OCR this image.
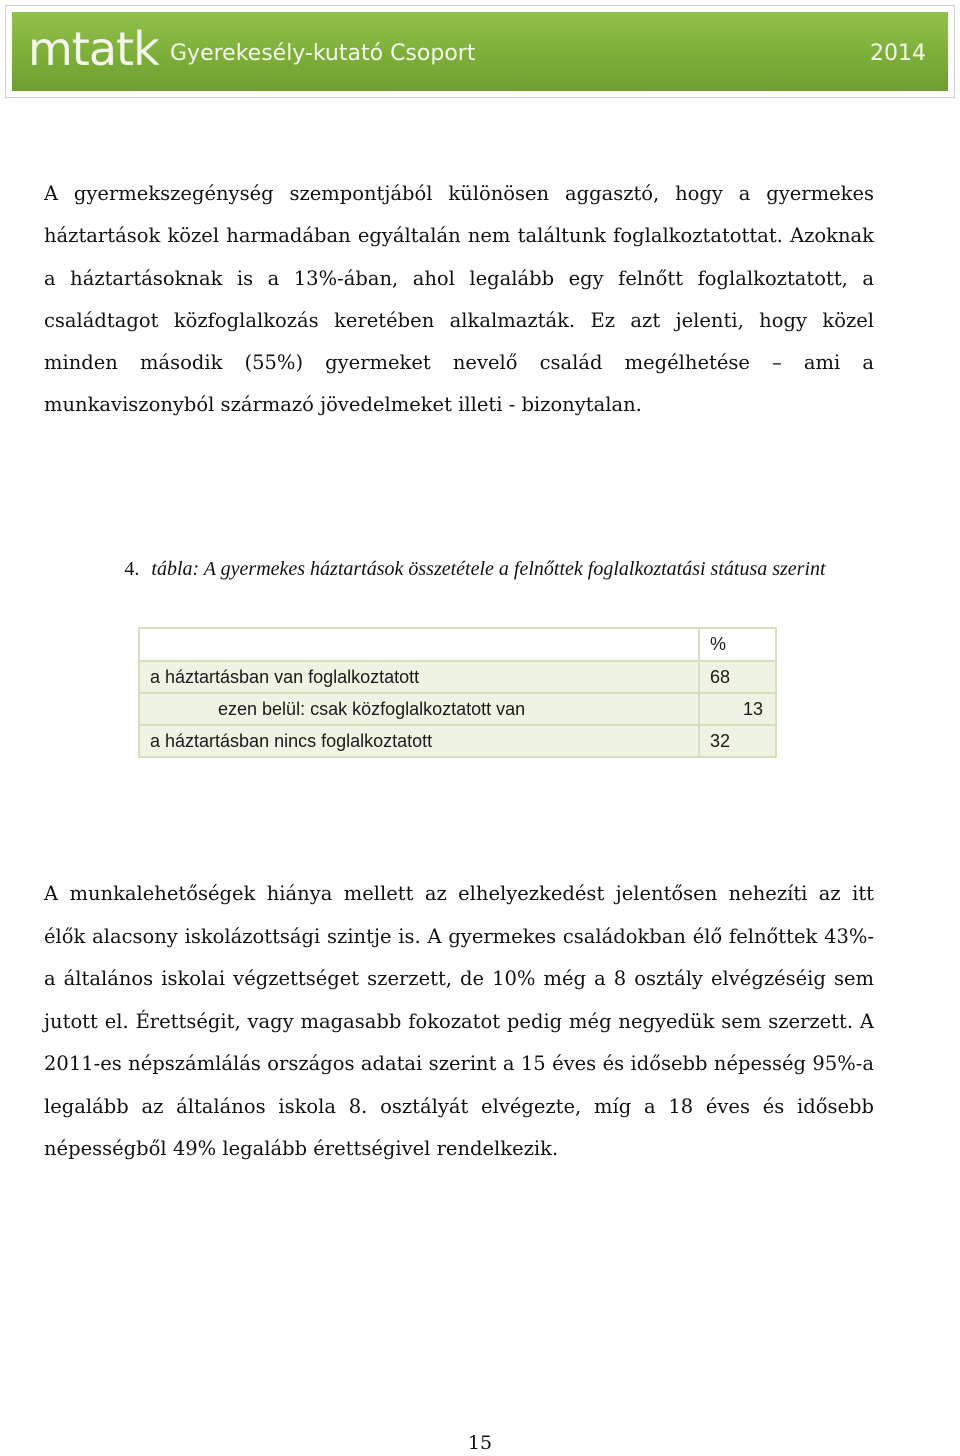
mtatk Gyerekesély-kutató Csoport	2014

A gyermekszegénység szempontjából különösen aggasztó, hogy a gyermekes háztartások közel harmadában egyáltalán nem találtunk foglalkoztatottat. Azoknak a háztartásoknak is a 13%-ában, ahol legalább egy felnőtt foglalkoztatott, a családtagot közfoglalkozás keretében alkalmazták. Ez azt jelenti, hogy közel minden második (55%) gyermeket nevelő család megélhetése – ami a munkaviszonyból származó jövedelmeket illeti - bizonytalan.

4. tábla: A gyermekes háztartások összetétele a felnőttek foglalkoztatási státusa szerint

	%
a háztartásban van foglalkoztatott	68
ezen belül: csak közfoglalkoztatott van	13
a háztartásban nincs foglalkoztatott	32

A munkalehetőségek hiánya mellett az elhelyezkedést jelentősen nehezíti az itt élők alacsony iskolázottsági szintje is. A gyermekes családokban élő felnőttek 43%-a általános iskolai végzettséget szerzett, de 10% még a 8 osztály elvégzéséig sem jutott el. Érettségit, vagy magasabb fokozatot pedig még negyedük sem szerzett. A 2011-es népszámlálás országos adatai szerint a 15 éves és idősebb népesség 95%-a legalább az általános iskola 8. osztályát elvégezte, míg a 18 éves és idősebb népességből 49% legalább érettségivel rendelkezik.

15
